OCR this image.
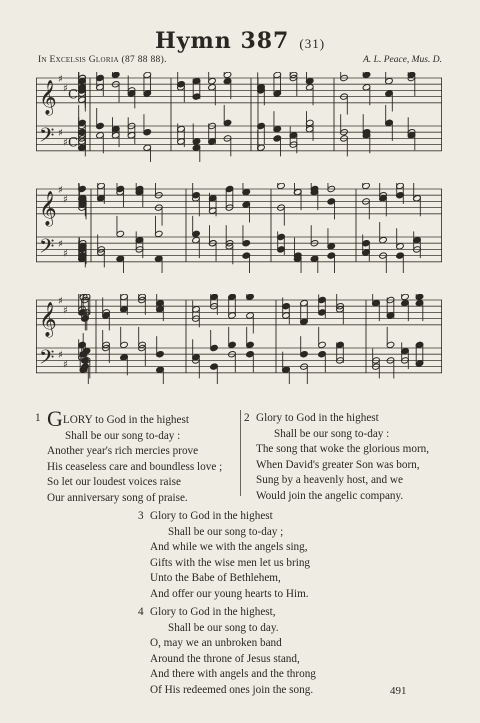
Hymn 387 (31)
In Excelsis Gloria (87 88 88).	A. L. Peace, Mus. D.
𝄞
𝄢
♯
♯
♯
♯
C
C
𝄞
𝄢
♯
♯
♯
♯
𝄞
𝄢
♯
♯
♯
♯
1 GLORY to God in the highest
Shall be our song to-day :
Another year's rich mercies prove
His ceaseless care and boundless love ;
So let our loudest voices raise
Our anniversary song of praise.
2 Glory to God in the highest
Shall be our song to-day :
The song that woke the glorious morn,
When David's greater Son was born,
Sung by a heavenly host, and we
Would join the angelic company.
3 Glory to God in the highest
Shall be our song to-day ;
And while we with the angels sing,
Gifts with the wise men let us bring
Unto the Babe of Bethlehem,
And offer our young hearts to Him.
4 Glory to God in the highest,
Shall be our song to day.
O, may we an unbroken band
Around the throne of Jesus stand,
And there with angels and the throng
Of His redeemed ones join the song.	491
